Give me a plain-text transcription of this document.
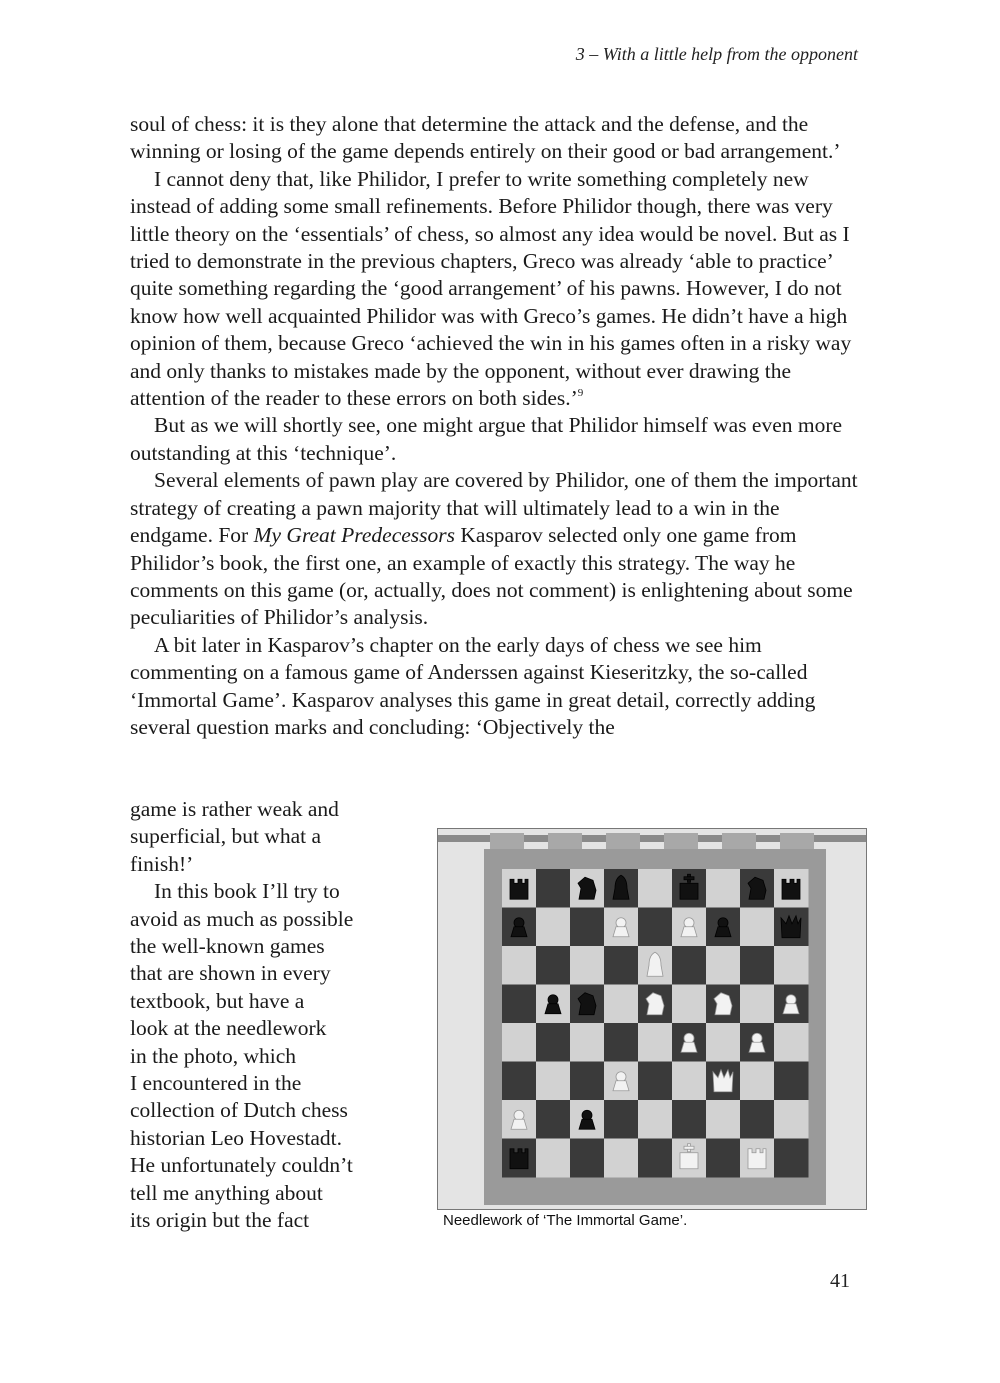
3 – With a little help from the opponent

soul of chess: it is they alone that determine the attack and the defense, and the winning or losing of the game depends entirely on their good or bad arrangement.’

I cannot deny that, like Philidor, I prefer to write something completely new instead of adding some small refinements. Before Philidor though, there was very little theory on the ‘essentials’ of chess, so almost any idea would be novel. But as I tried to demonstrate in the previous chapters, Greco was already ‘able to practice’ quite something regarding the ‘good arrangement’ of his pawns. However, I do not know how well acquainted Philidor was with Greco’s games. He didn’t have a high opinion of them, because Greco ‘achieved the win in his games often in a risky way and only thanks to mistakes made by the opponent, without ever drawing the attention of the reader to these errors on both sides.’$^9$

But as we will shortly see, one might argue that Philidor himself was even more outstanding at this ‘technique’.

Several elements of pawn play are covered by Philidor, one of them the important strategy of creating a pawn majority that will ultimately lead to a win in the endgame. For My Great Predecessors Kasparov selected only one game from Philidor’s book, the first one, an example of exactly this strategy. The way he comments on this game (or, actually, does not comment) is enlightening about some peculiarities of Philidor’s analysis.

A bit later in Kasparov’s chapter on the early days of chess we see him commenting on a famous game of Anderssen against Kieseritzky, the so-called ‘Immortal Game’. Kasparov analyses this game in great detail, correctly adding several question marks and concluding: ‘Objectively the

game is rather weak and
superficial, but what a
finish!’

In this book I’ll try to
avoid as much as possible
the well-known games
that are shown in every
textbook, but have a
look at the needlework
in the photo, which
I encountered in the
collection of Dutch chess
historian Leo Hovestadt.
He unfortunately couldn’t
tell me anything about
its origin but the fact	Needlework of ‘The Immortal Game’.
41
